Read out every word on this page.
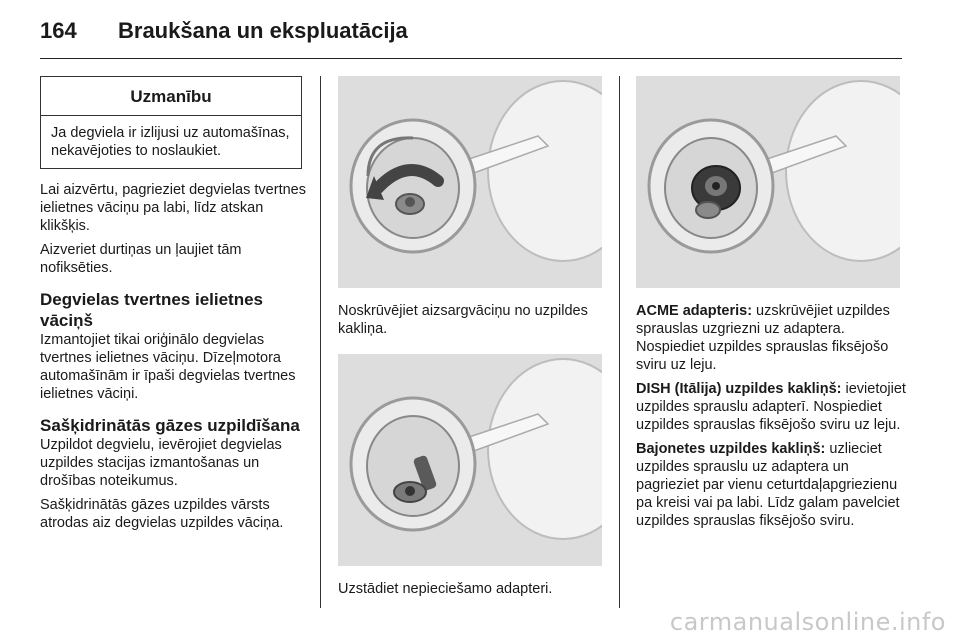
164 Braukšana un ekspluatācija
Uzmanību
Ja degviela ir izlijusi uz automašīnas, nekavējoties to noslaukiet.

Lai aizvērtu, pagrieziet degvielas tvertnes ielietnes vāciņu pa labi, līdz atskan klikšķis.

Aizveriet durtiņas un ļaujiet tām nofiksēties.

Degvielas tvertnes ielietnes vāciņš

Izmantojiet tikai oriģinālo degvielas tvertnes ielietnes vāciņu. Dīzeļmotora automašīnām ir īpaši degvielas tvertnes ielietnes vāciņi.

Sašķidrinātās gāzes uzpildīšana

Uzpildot degvielu, ievērojiet degvielas uzpildes stacijas izmantošanas un drošības noteikumus.

Sašķidrinātās gāzes uzpildes vārsts atrodas aiz degvielas uzpildes vāciņa.

Noskrūvējiet aizsargvāciņu no uzpildes kakliņa.

Uzstādiet nepieciešamo adapteri.

ACME adapteris: uzskrūvējiet uzpildes sprauslas uzgriezni uz adaptera. Nospiediet uzpildes sprauslas fiksējošo sviru uz leju.

DISH (Itālija) uzpildes kakliņš: ievietojiet uzpildes sprauslu adapterī. Nospiediet uzpildes sprauslas fiksējošo sviru uz leju.

Bajonetes uzpildes kakliņš: uzlieciet uzpildes sprauslu uz adaptera un pagrieziet par vienu ceturtdaļapgriezienu pa kreisi vai pa labi. Līdz galam pavelciet uzpildes sprauslas fiksējošo sviru.

carmanualsonline.info
